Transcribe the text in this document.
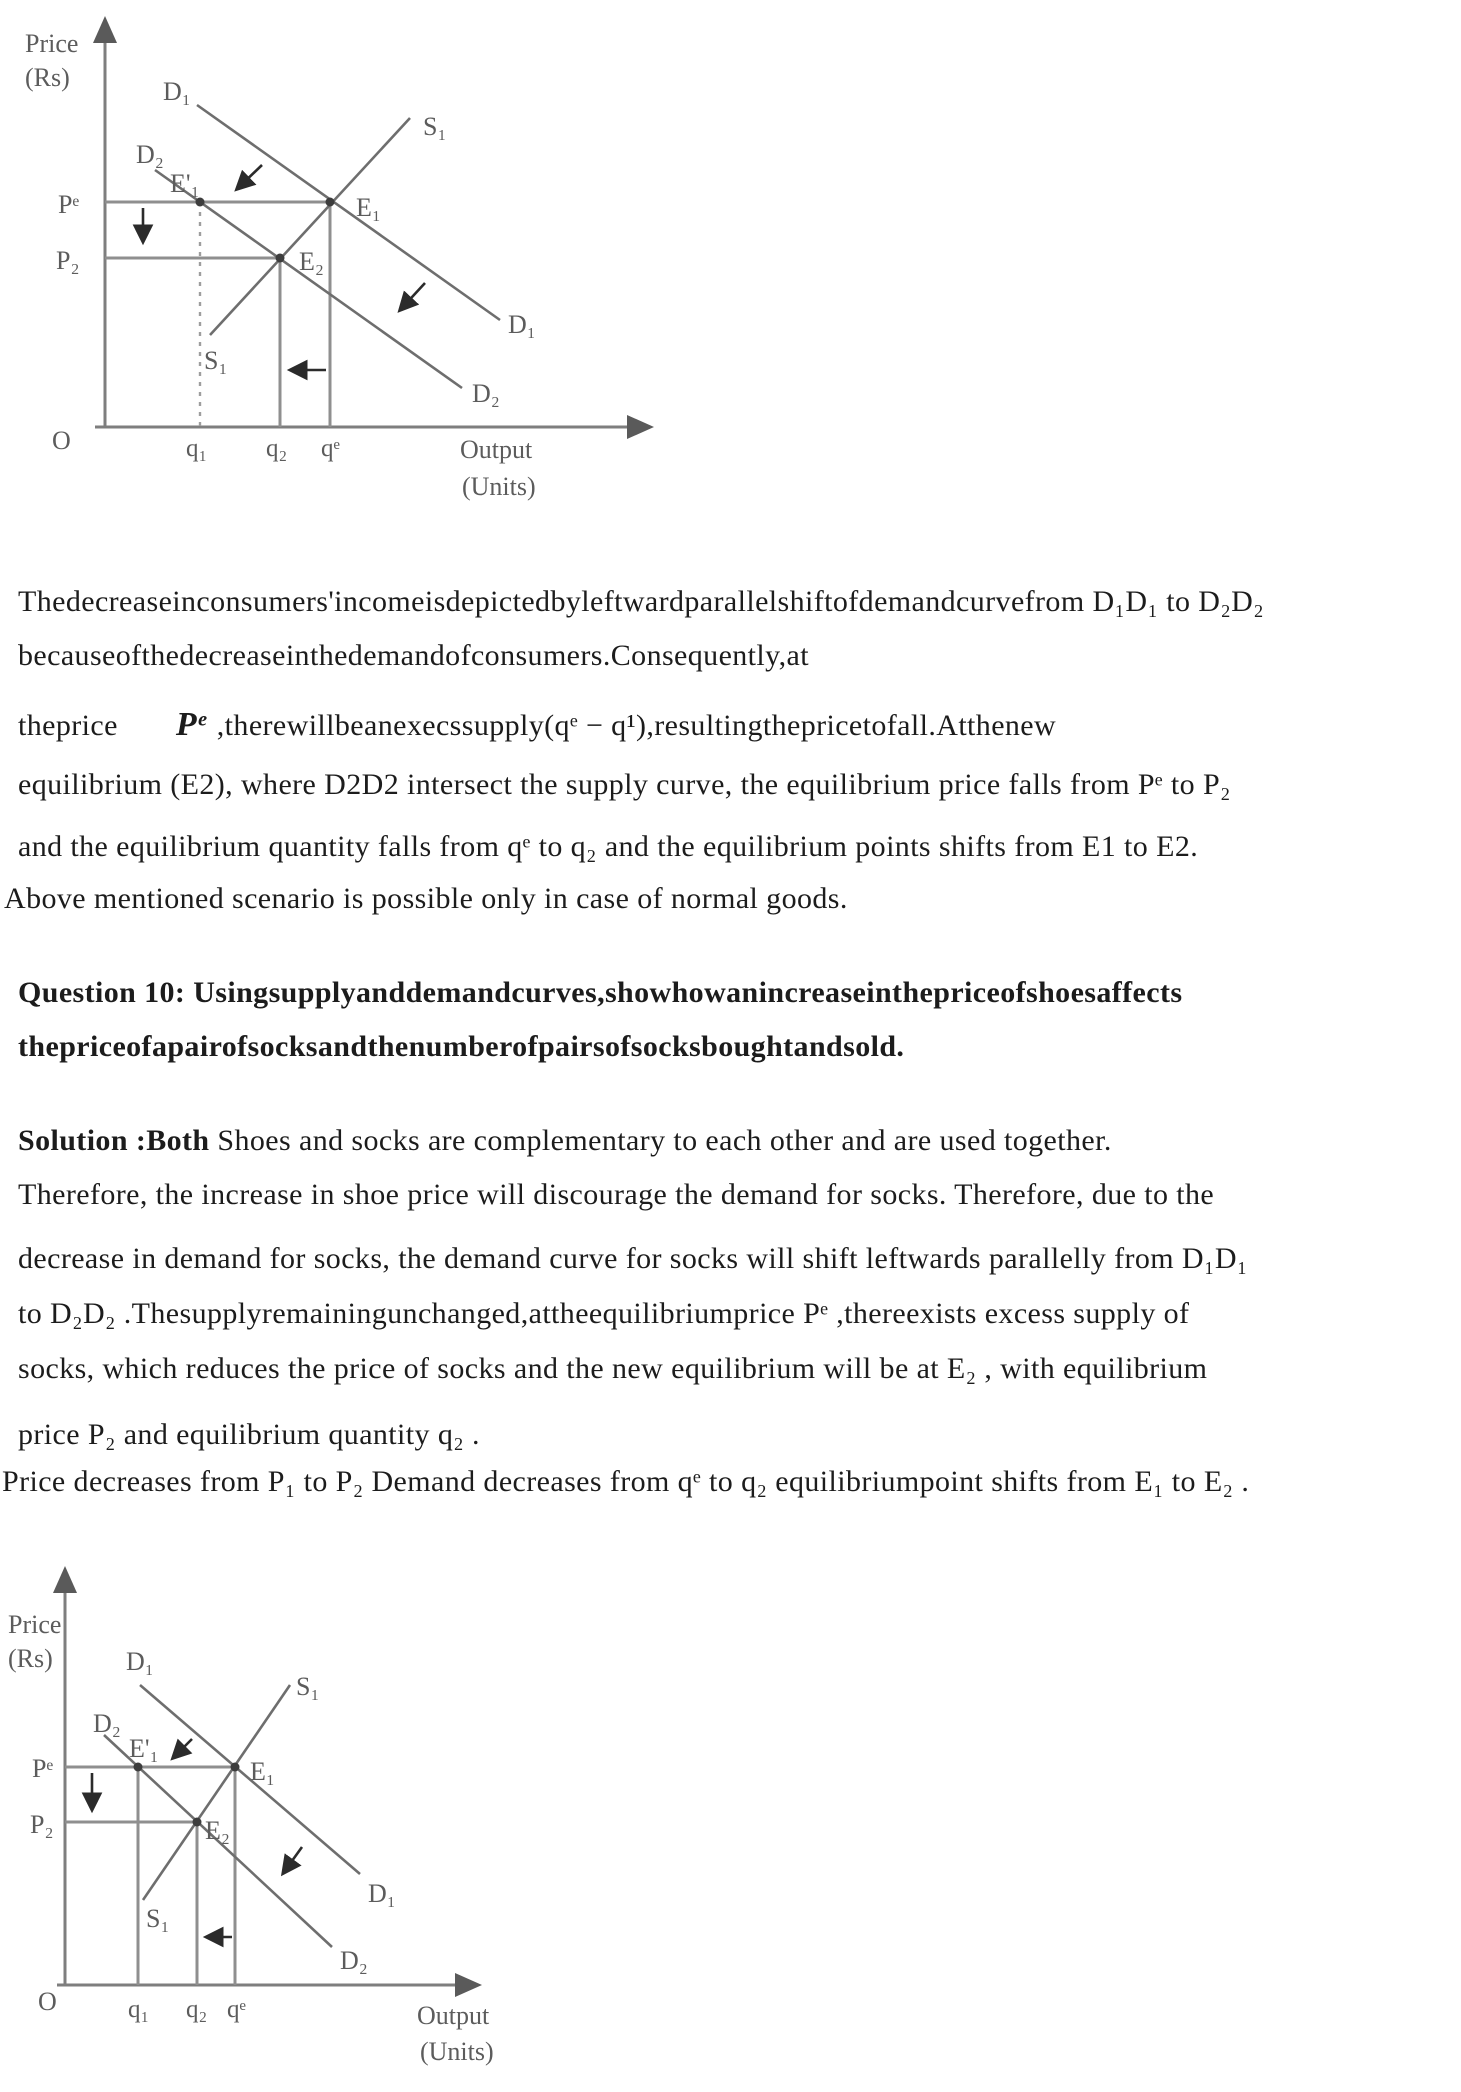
Price
(Rs)
O
D₁
D₂
S₁
E'₁
E₁
E₂
Pᵉ
P₂
S₁
D₁
D₂
q₁ q₂ qᵉ	Output
(Units)
Thedecreaseinconsumers'incomeisdepictedbyleftwardparallelshiftofdemandcurvefrom D₁D₁ to D₂D₂
becauseofthedecreaseinthedemandofconsumers.Consequently,at
theprice Pᵉ ,therewillbeanexecssupply(qᵉ − q¹),resultingthepricetofall.Atthenew
equilibrium (E2), where D2D2 intersect the supply curve, the equilibrium price falls from Pᵉ to P₂
and the equilibrium quantity falls from qᵉ to q₂ and the equilibrium points shifts from E1 to E2.
Above mentioned scenario is possible only in case of normal goods.
Question 10: Usingsupplyanddemandcurves,showhowanincreaseinthepriceofshoesaffects
thepriceofapairofsocksandthenumberofpairsofsocksboughtandsold.
Solution :Both Shoes and socks are complementary to each other and are used together.
Therefore, the increase in shoe price will discourage the demand for socks. Therefore, due to the
decrease in demand for socks, the demand curve for socks will shift leftwards parallelly from D₁D₁
to D₂D₂ .Thesupplyremainingunchanged,attheequilibriumprice Pᵉ ,thereexists excess supply of
socks, which reduces the price of socks and the new equilibrium will be at E₂ , with equilibrium
price P₂ and equilibrium quantity q₂ .
Price decreases from P₁ to P₂ Demand decreases from qᵉ to q₂ equilibriumpoint shifts from E₁ to E₂ .
Price
(Rs)
O
D₁
D₂
S₁
E'₁
E₁
E₂
Pᵉ
P₂
S₁
D₁
D₂
q₁ q₂ qᵉ	Output
(Units)
